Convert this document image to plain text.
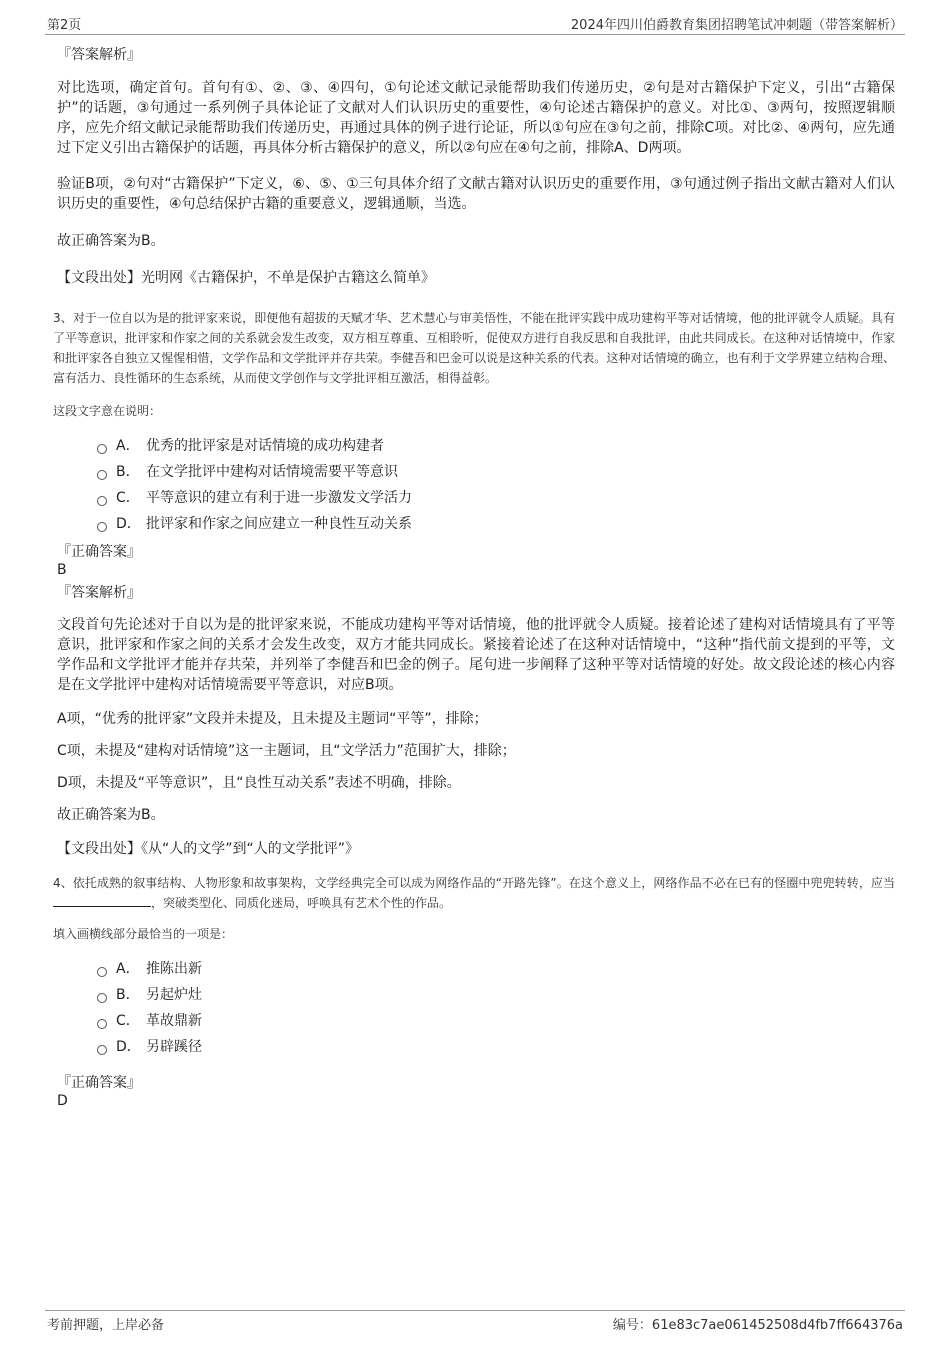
第2页	2024年四川伯爵教育集团招聘笔试冲刺题（带答案解析）

『答案解析』

对比选项，确定首句。首句有①、②、③、④四句，①句论述文献记录能帮助我们传递历史，②句是对古籍保护下定义，引出“古籍保护”的话题，③句通过一系列例子具体论证了文献对人们认识历史的重要性，④句论述古籍保护的意义。对比①、③两句，按照逻辑顺序，应先介绍文献记录能帮助我们传递历史，再通过具体的例子进行论证，所以①句应在③句之前，排除C项。对比②、④两句，应先通过下定义引出古籍保护的话题，再具体分析古籍保护的意义，所以②句应在④句之前，排除A、D两项。

验证B项，②句对“古籍保护”下定义，⑥、⑤、①三句具体介绍了文献古籍对认识历史的重要作用，③句通过例子指出文献古籍对人们认识历史的重要性，④句总结保护古籍的重要意义，逻辑通顺，当选。

故正确答案为B。

【文段出处】光明网《古籍保护，不单是保护古籍这么简单》

3、对于一位自以为是的批评家来说，即便他有超拔的天赋才华、艺术慧心与审美悟性，不能在批评实践中成功建构平等对话情境，他的批评就令人质疑。具有了平等意识，批评家和作家之间的关系就会发生改变，双方相互尊重、互相聆听，促使双方进行自我反思和自我批评，由此共同成长。在这种对话情境中，作家和批评家各自独立又惺惺相惜，文学作品和文学批评并存共荣。李健吾和巴金可以说是这种关系的代表。这种对话情境的确立，也有利于文学界建立结构合理、富有活力、良性循环的生态系统，从而使文学创作与文学批评相互激活，相得益彰。

这段文字意在说明：

A． 优秀的批评家是对话情境的成功构建者
B． 在文学批评中建构对话情境需要平等意识
C． 平等意识的建立有利于进一步激发文学活力
D． 批评家和作家之间应建立一种良性互动关系

『正确答案』

B

『答案解析』

文段首句先论述对于自以为是的批评家来说，不能成功建构平等对话情境，他的批评就令人质疑。接着论述了建构对话情境具有了平等意识，批评家和作家之间的关系才会发生改变，双方才能共同成长。紧接着论述了在这种对话情境中，“这种”指代前文提到的平等，文学作品和文学批评才能并存共荣，并列举了李健吾和巴金的例子。尾句进一步阐释了这种平等对话情境的好处。故文段论述的核心内容是在文学批评中建构对话情境需要平等意识，对应B项。

A项，“优秀的批评家”文段并未提及，且未提及主题词“平等”，排除；

C项，未提及“建构对话情境”这一主题词，且“文学活力”范围扩大，排除；

D项，未提及“平等意识”，且“良性互动关系”表述不明确，排除。

故正确答案为B。

【文段出处】《从“人的文学”到“人的文学批评”》

4、依托成熟的叙事结构、人物形象和故事架构，文学经典完全可以成为网络作品的“开路先锋”。在这个意义上，网络作品不必在已有的怪圈中兜兜转转，应当 ，突破类型化、同质化迷局，呼唤具有艺术个性的作品。

填入画横线部分最恰当的一项是：

A． 推陈出新
B． 另起炉灶
C． 革故鼎新
D． 另辟蹊径

『正确答案』

D

考前押题，上岸必备	编号：61e83c7ae061452508d4fb7ff664376a
